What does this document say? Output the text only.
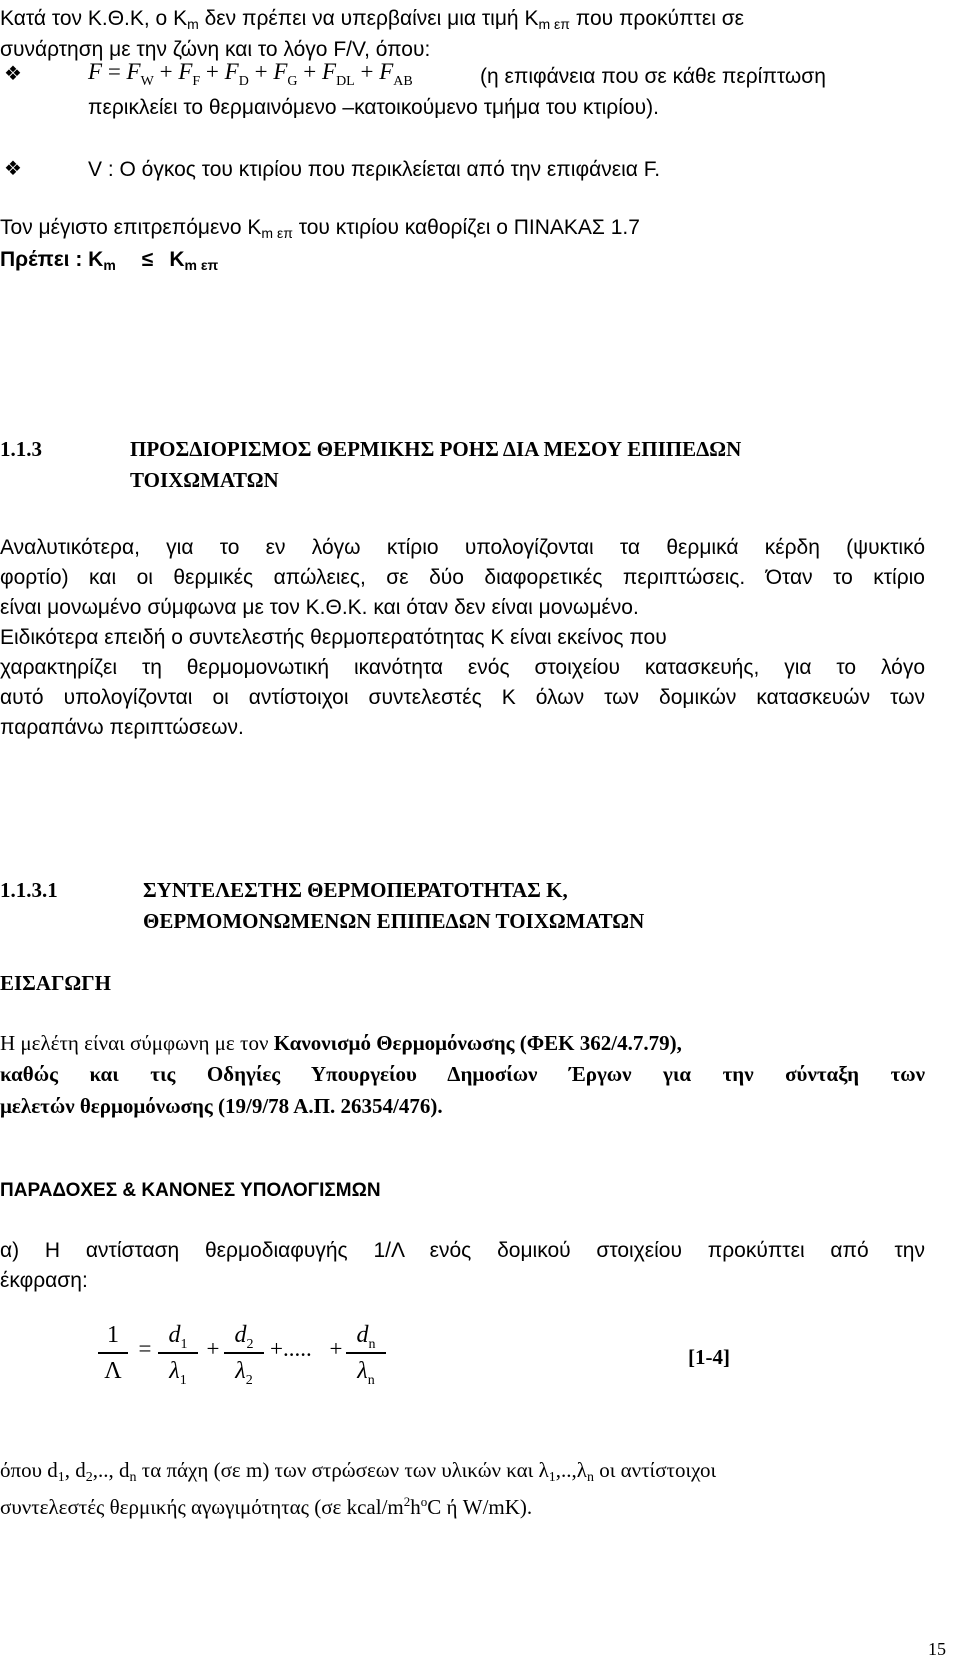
Κατά τον Κ.Θ.Κ, ο $K_m$ δεν πρέπει να υπερβαίνει μια τιμή $K_{m \varepsilon\pi}$ που προκύπτει σε
συνάρτηση με την ζώνη και το λόγο F/V, όπου:
❖	$F = F_W + F_F + F_D + F_G + F_{DL} + F_{AB}$	(η επιφάνεια που σε κάθε περίπτωση
περικλείει το θερμαινόμενο –κατοικούμενο τμήμα του κτιρίου).
❖	V : Ο όγκος του κτιρίου που περικλείεται από την επιφάνεια F.
Τον μέγιστο επιτρεπόμενο $K_{m \varepsilon\pi}$ του κτιρίου καθορίζει ο ΠΙΝΑΚΑΣ 1.7
Πρέπει : $K_m \le K_{m \varepsilon\pi}$
1.1.3	ΠΡΟΣΔΙΟΡΙΣΜΟΣ ΘΕΡΜΙΚΗΣ ΡΟΗΣ ΔΙΑ ΜΕΣΟΥ ΕΠΙΠΕΔΩΝ
ΤΟΙΧΩΜΑΤΩΝ
Αναλυτικότερα, για το εν λόγω κτίριο υπολογίζονται τα θερμικά κέρδη (ψυκτικό
φορτίο) και οι θερμικές απώλειες, σε δύο διαφορετικές περιπτώσεις. Όταν το κτίριο
είναι μονωμένο σύμφωνα με τον Κ.Θ.Κ. και όταν δεν είναι μονωμένο.
Ειδικότερα επειδή ο συντελεστής θερμοπερατότητας Κ είναι εκείνος που
χαρακτηρίζει τη θερμομονωτική ικανότητα ενός στοιχείου κατασκευής, για το λόγο
αυτό υπολογίζονται οι αντίστοιχοι συντελεστές Κ όλων των δομικών κατασκευών των
παραπάνω περιπτώσεων.
1.1.3.1	ΣΥΝΤΕΛΕΣΤΗΣ ΘΕΡΜΟΠΕΡΑΤΟΤΗΤΑΣ Κ,
ΘΕΡΜΟΜΟΝΩΜΕΝΩΝ ΕΠΙΠΕΔΩΝ ΤΟΙΧΩΜΑΤΩΝ
ΕΙΣΑΓΩΓΗ
Η μελέτη είναι σύμφωνη με τον Κανονισμό Θερμομόνωσης (ΦΕΚ 362/4.7.79),
καθώς και τις Οδηγίες Υπουργείου Δημοσίων Έργων για την σύνταξη των
μελετών θερμομόνωσης (19/9/78 Α.Π. 26354/476).
ΠΑΡΑΔΟΧΕΣ & ΚΑΝΟΝΕΣ ΥΠΟΛΟΓΙΣΜΩΝ
α) Η αντίσταση θερμοδιαφυγής 1/Λ ενός δομικού στοιχείου προκύπτει από την
έκφραση:
1
Λ
=
$d_1$
$\lambda_1$
+
$d_2$
$\lambda_2$
+..... +
$d_n$
$\lambda_n$
[1-4]
όπου $d_1$, $d_2$,.., $d_n$ τα πάχη (σε m) των στρώσεων των υλικών και $\lambda_1,..,\lambda_n$ οι αντίστοιχοι
συντελεστές θερμικής αγωγιμότητας (σε kcal/$m^2h^oC$ ή W/mK).
15
